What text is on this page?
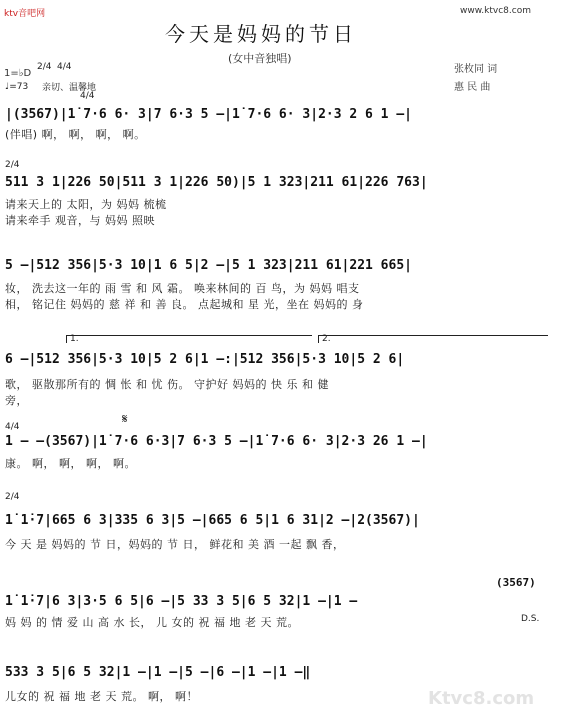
ktv音吧网	www.ktvc8.com
今天是妈妈的节日
(女中音独唱)
1=♭D
2/4 4/4
♩=73 亲切、温馨地
4/4
张枚同 词
惠 民 曲
|(3567)|1̇ 7·6 6· 3|7 6·3 5 –|1̇ 7·6 6· 3|2·3 2 6 1 –|
(伴唱) 啊， 啊， 啊， 啊。
2/4
511 3 1|226 50|511 3 1|226 50)|5 1 323|211 61|226 763|
请来天上的 太阳，为 妈妈 梳梳
请来牵手 观音，与 妈妈 照映
5 –|512 356|5·3 10|1 6 5|2 –|5 1 323|211 61|221 665|
妆， 洗去这一年的 雨 雪 和 风 霜。 唤来林间的 百 鸟，为 妈妈 唱支
相， 铭记住 妈妈的 慈 祥 和 善 良。 点起城和 星 光，坐在 妈妈的 身
1.	2.
6 –|512 356|5·3 10|5 2 6|1 –:|512 356|5·3 10|5 2 6|
歌， 驱散那所有的 惆 怅 和 忧 伤。 守护好 妈妈的 快 乐 和 健
旁，
4/4	𝄋
1 – –(3567)|1̇ 7·6 6·3|7 6·3 5 –|1̇ 7·6 6· 3|2·3 26 1 –|
康。 啊， 啊， 啊， 啊。
2/4
1̇ 1̇·7|665 6 3|335 6 3|5 –|665 6 5|1 6 31|2 –|2(3567)|
今 天 是 妈妈的 节 日，妈妈的 节 日， 鲜花和 美 酒 一起 飘 香，
(3567)
1̇ 1̇·7|6 3|3·5 6 5|6 –|5 33 3 5|6 5 32|1 –|1 –
D.S.
妈 妈 的 情 爱 山 高 水 长， 儿 女的 祝 福 地 老 天 荒。
533 3 5|6 5 32|1 –|1 –|5 –|6 –|1 –|1 –‖
儿女的 祝 福 地 老 天 荒。 啊， 啊！	Ktvc8.com
